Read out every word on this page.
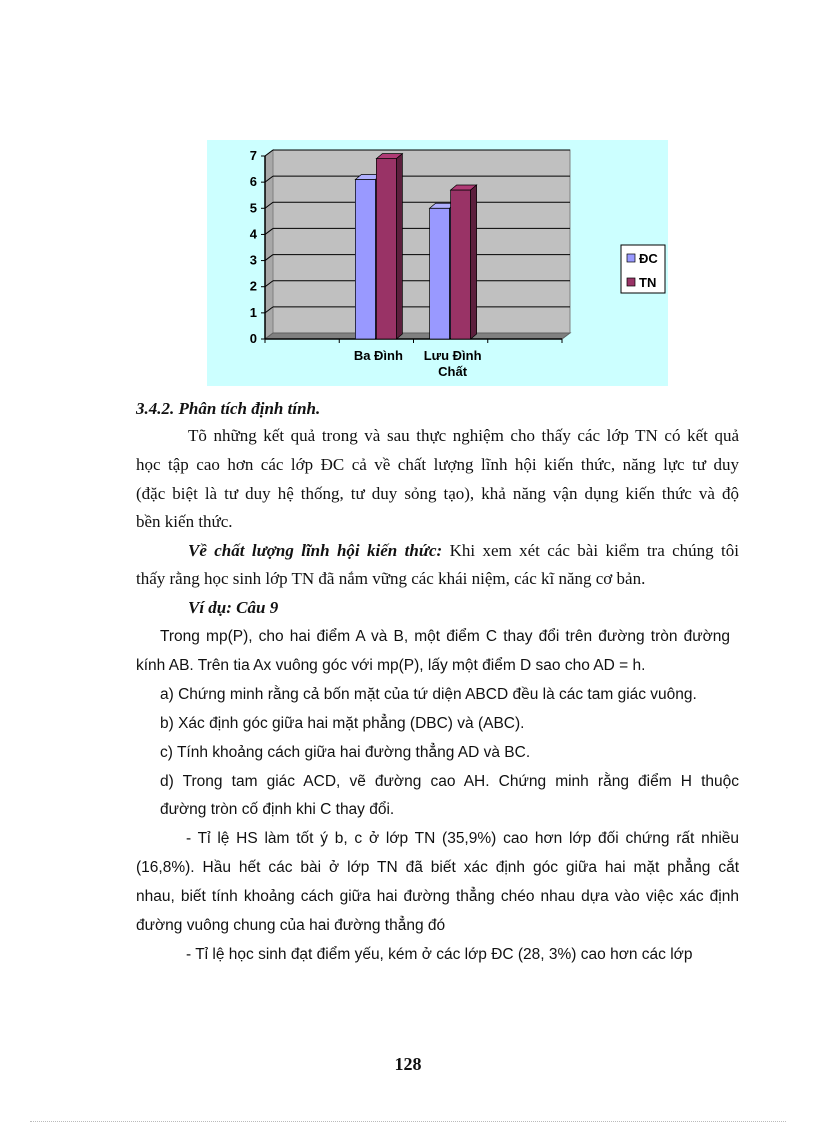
0
1
2
3
4
5
6
7
Ba Đình Lưu Đình
Chất
ĐC
TN

3.4.2. Phân tích định tính.

Tõ những kết quả trong và sau thực nghiệm cho thấy các lớp TN có kết quả

học tập cao hơn các lớp ĐC cả về chất lượng lĩnh hội kiến thức, năng lực tư duy

(đặc biệt là tư duy hệ thống, tư duy sỏng tạo), khả năng vận dụng kiến thức và độ

bền kiến thức.

Về chất lượng lĩnh hội kiến thức: Khi xem xét các bài kiểm tra chúng tôi

thấy rằng học sinh lớp TN đã nắm vững các khái niệm, các kĩ năng cơ bản.

Ví dụ: Câu 9

Trong mp(P), cho hai điểm A và B, một điểm C thay đổi trên đường tròn đường

kính AB. Trên tia Ax vuông góc với mp(P), lấy một điểm D sao cho AD = h.

a) Chứng minh rằng cả bốn mặt của tứ diện ABCD đều là các tam giác vuông.

b) Xác định góc giữa hai mặt phẳng (DBC) và (ABC).

c) Tính khoảng cách giữa hai đường thẳng AD và BC.

d) Trong tam giác ACD, vẽ đường cao AH. Chứng minh rằng điểm H thuộc

đường tròn cố định khi C thay đổi.

- Tỉ lệ HS làm tốt ý b, c ở lớp TN (35,9%) cao hơn lớp đối chứng rất nhiều

(16,8%). Hầu hết các bài ở lớp TN đã biết xác định góc giữa hai mặt phẳng cắt

nhau, biết tính khoảng cách giữa hai đường thẳng chéo nhau dựa vào việc xác định

đường vuông chung của hai đường thẳng đó

- Tỉ lệ học sinh đạt điểm yếu, kém ở các lớp ĐC (28, 3%) cao hơn các lớp

128
